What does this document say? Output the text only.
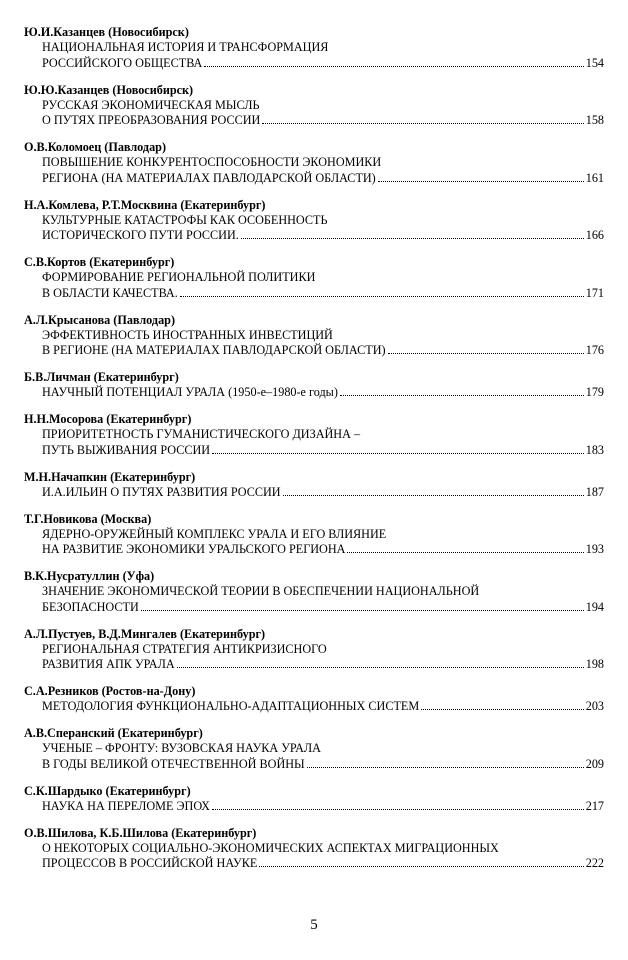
Ю.И.Казанцев (Новосибирск)
НАЦИОНАЛЬНАЯ ИСТОРИЯ И ТРАНСФОРМАЦИЯ
РОССИЙСКОГО ОБЩЕСТВА	154
Ю.Ю.Казанцев (Новосибирск)
РУССКАЯ ЭКОНОМИЧЕСКАЯ МЫСЛЬ
О ПУТЯХ ПРЕОБРАЗОВАНИЯ РОССИИ	158
О.В.Коломоец (Павлодар)
ПОВЫШЕНИЕ КОНКУРЕНТОСПОСОБНОСТИ ЭКОНОМИКИ
РЕГИОНА (НА МАТЕРИАЛАХ ПАВЛОДАРСКОЙ ОБЛАСТИ)	161
Н.А.Комлева, Р.Т.Москвина (Екатеринбург)
КУЛЬТУРНЫЕ КАТАСТРОФЫ КАК ОСОБЕННОСТЬ
ИСТОРИЧЕСКОГО ПУТИ РОССИИ.	166
С.В.Кортов (Екатеринбург)
ФОРМИРОВАНИЕ РЕГИОНАЛЬНОЙ ПОЛИТИКИ
В ОБЛАСТИ КАЧЕСТВА.	171
А.Л.Крысанова (Павлодар)
ЭФФЕКТИВНОСТЬ ИНОСТРАННЫХ ИНВЕСТИЦИЙ
В РЕГИОНЕ (НА МАТЕРИАЛАХ ПАВЛОДАРСКОЙ ОБЛАСТИ)	176
Б.В.Личман (Екатеринбург)
НАУЧНЫЙ ПОТЕНЦИАЛ УРАЛА (1950-е–1980-е годы)	179
Н.Н.Мосорова (Екатеринбург)
ПРИОРИТЕТНОСТЬ ГУМАНИСТИЧЕСКОГО ДИЗАЙНА –
ПУТЬ ВЫЖИВАНИЯ РОССИИ	183
М.Н.Начапкин (Екатеринбург)
И.А.ИЛЬИН О ПУТЯХ РАЗВИТИЯ РОССИИ	187
Т.Г.Новикова (Москва)
ЯДЕРНО-ОРУЖЕЙНЫЙ КОМПЛЕКС УРАЛА И ЕГО ВЛИЯНИЕ
НА РАЗВИТИЕ ЭКОНОМИКИ УРАЛЬСКОГО РЕГИОНА	193
В.К.Нусратуллин (Уфа)
ЗНАЧЕНИЕ ЭКОНОМИЧЕСКОЙ ТЕОРИИ В ОБЕСПЕЧЕНИИ НАЦИОНАЛЬНОЙ
БЕЗОПАСНОСТИ	194
А.Л.Пустуев, В.Д.Мингалев (Екатеринбург)
РЕГИОНАЛЬНАЯ СТРАТЕГИЯ АНТИКРИЗИСНОГО
РАЗВИТИЯ АПК УРАЛА	198
С.А.Резников (Ростов-на-Дону)
МЕТОДОЛОГИЯ ФУНКЦИОНАЛЬНО-АДАПТАЦИОННЫХ СИСТЕМ	203
А.В.Сперанский (Екатеринбург)
УЧЕНЫЕ – ФРОНТУ: ВУЗОВСКАЯ НАУКА УРАЛА
В ГОДЫ ВЕЛИКОЙ ОТЕЧЕСТВЕННОЙ ВОЙНЫ	209
С.К.Шардыко (Екатеринбург)
НАУКА НА ПЕРЕЛОМЕ ЭПОХ	217
О.В.Шилова, К.Б.Шилова (Екатеринбург)
О НЕКОТОРЫХ СОЦИАЛЬНО-ЭКОНОМИЧЕСКИХ АСПЕКТАХ МИГРАЦИОННЫХ
ПРОЦЕССОВ В РОССИЙСКОЙ НАУКЕ	222
5
